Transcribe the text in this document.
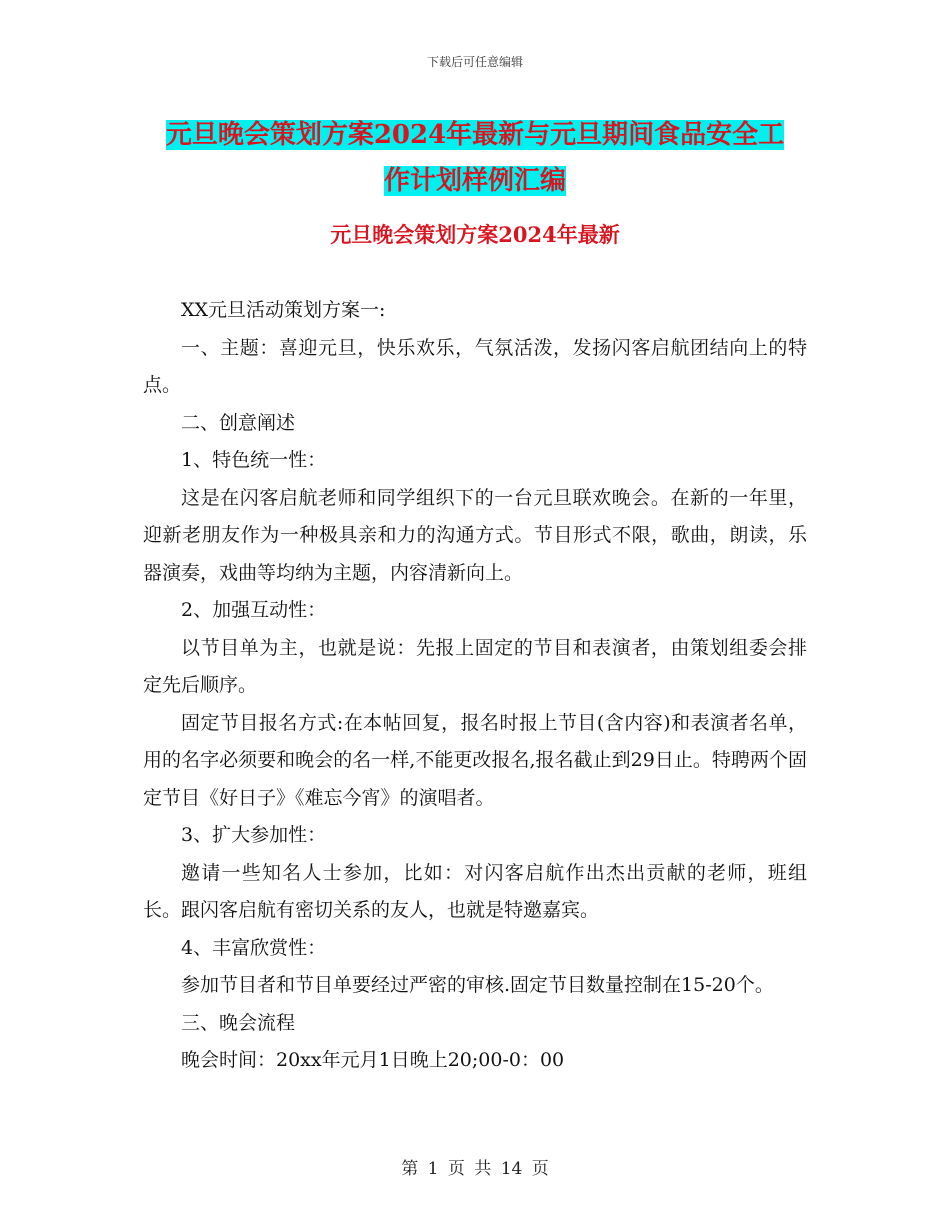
下载后可任意编辑
元旦晚会策划方案2024年最新与元旦期间食品安全工
作计划样例汇编
元旦晚会策划方案2024年最新

XX元旦活动策划方案一:

一、主题：喜迎元旦，快乐欢乐，气氛活泼，发扬闪客启航团结向上的特点。

二、创意阐述

1、特色统一性：

这是在闪客启航老师和同学组织下的一台元旦联欢晚会。在新的一年里，迎新老朋友作为一种极具亲和力的沟通方式。节目形式不限，歌曲，朗读，乐器演奏，戏曲等均纳为主题，内容清新向上。

2、加强互动性：

以节目单为主，也就是说：先报上固定的节目和表演者，由策划组委会排定先后顺序。

固定节目报名方式:在本帖回复，报名时报上节目(含内容)和表演者名单，用的名字必须要和晚会的名一样,不能更改报名,报名截止到29日止。特聘两个固定节目《好日子》《难忘今宵》的演唱者。

3、扩大参加性：

邀请一些知名人士参加，比如：对闪客启航作出杰出贡献的老师，班组长。跟闪客启航有密切关系的友人，也就是特邀嘉宾。

4、丰富欣赏性：

参加节目者和节目单要经过严密的审核.固定节目数量控制在15-20个。

三、晚会流程

晚会时间：20xx年元月1日晚上20;00-0：00

第 1 页 共 14 页
